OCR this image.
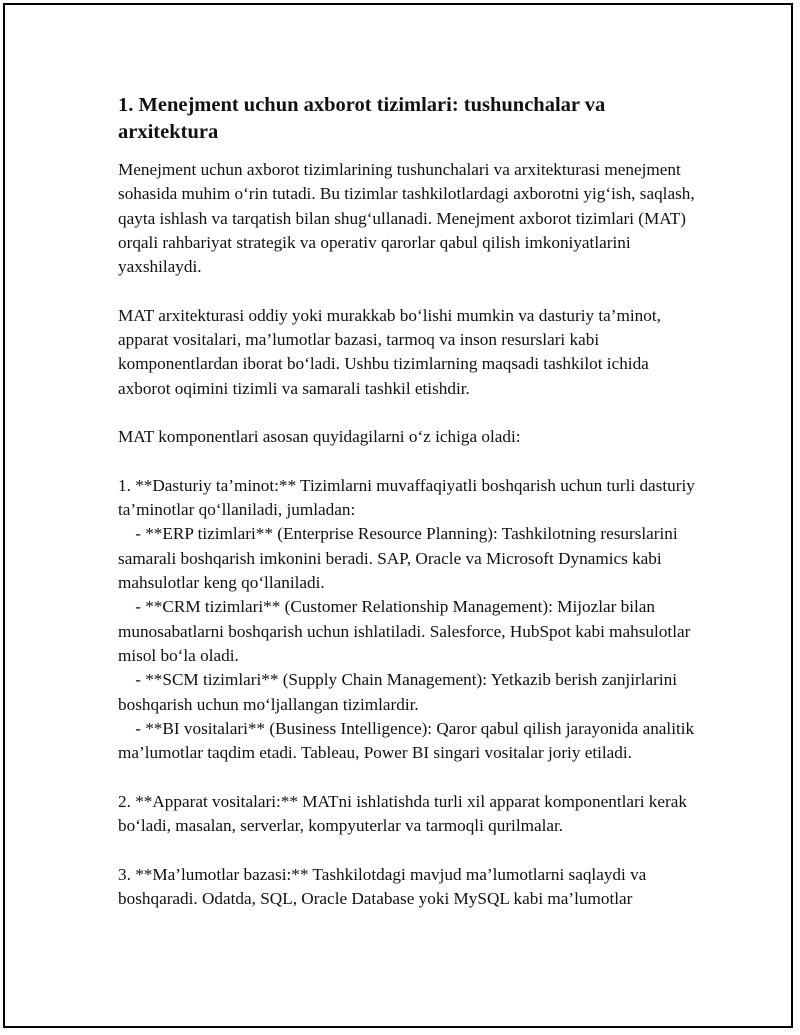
1. Menejment uchun axborot tizimlari: tushunchalar va arxitektura

Menejment uchun axborot tizimlarining tushunchalari va arxitekturasi menejment sohasida muhim o‘rin tutadi. Bu tizimlar tashkilotlardagi axborotni yig‘ish, saqlash, qayta ishlash va tarqatish bilan shug‘ullanadi. Menejment axborot tizimlari (MAT) orqali rahbariyat strategik va operativ qarorlar qabul qilish imkoniyatlarini yaxshilaydi.

MAT arxitekturasi oddiy yoki murakkab bo‘lishi mumkin va dasturiy ta’minot, apparat vositalari, ma’lumotlar bazasi, tarmoq va inson resurslari kabi komponentlardan iborat bo‘ladi. Ushbu tizimlarning maqsadi tashkilot ichida axborot oqimini tizimli va samarali tashkil etishdir.

MAT komponentlari asosan quyidagilarni o‘z ichiga oladi:

1. **Dasturiy ta’minot:** Tizimlarni muvaffaqiyatli boshqarish uchun turli dasturiy ta’minotlar qo‘llaniladi, jumladan:

- **ERP tizimlari** (Enterprise Resource Planning): Tashkilotning resurslarini samarali boshqarish imkonini beradi. SAP, Oracle va Microsoft Dynamics kabi mahsulotlar keng qo‘llaniladi.

- **CRM tizimlari** (Customer Relationship Management): Mijozlar bilan munosabatlarni boshqarish uchun ishlatiladi. Salesforce, HubSpot kabi mahsulotlar misol bo‘la oladi.

- **SCM tizimlari** (Supply Chain Management): Yetkazib berish zanjirlarini boshqarish uchun mo‘ljallangan tizimlardir.

- **BI vositalari** (Business Intelligence): Qaror qabul qilish jarayonida analitik ma’lumotlar taqdim etadi. Tableau, Power BI singari vositalar joriy etiladi.

2. **Apparat vositalari:** MATni ishlatishda turli xil apparat komponentlari kerak bo‘ladi, masalan, serverlar, kompyuterlar va tarmoqli qurilmalar.

3. **Ma’lumotlar bazasi:** Tashkilotdagi mavjud ma’lumotlarni saqlaydi va boshqaradi. Odatda, SQL, Oracle Database yoki MySQL kabi ma’lumotlar
